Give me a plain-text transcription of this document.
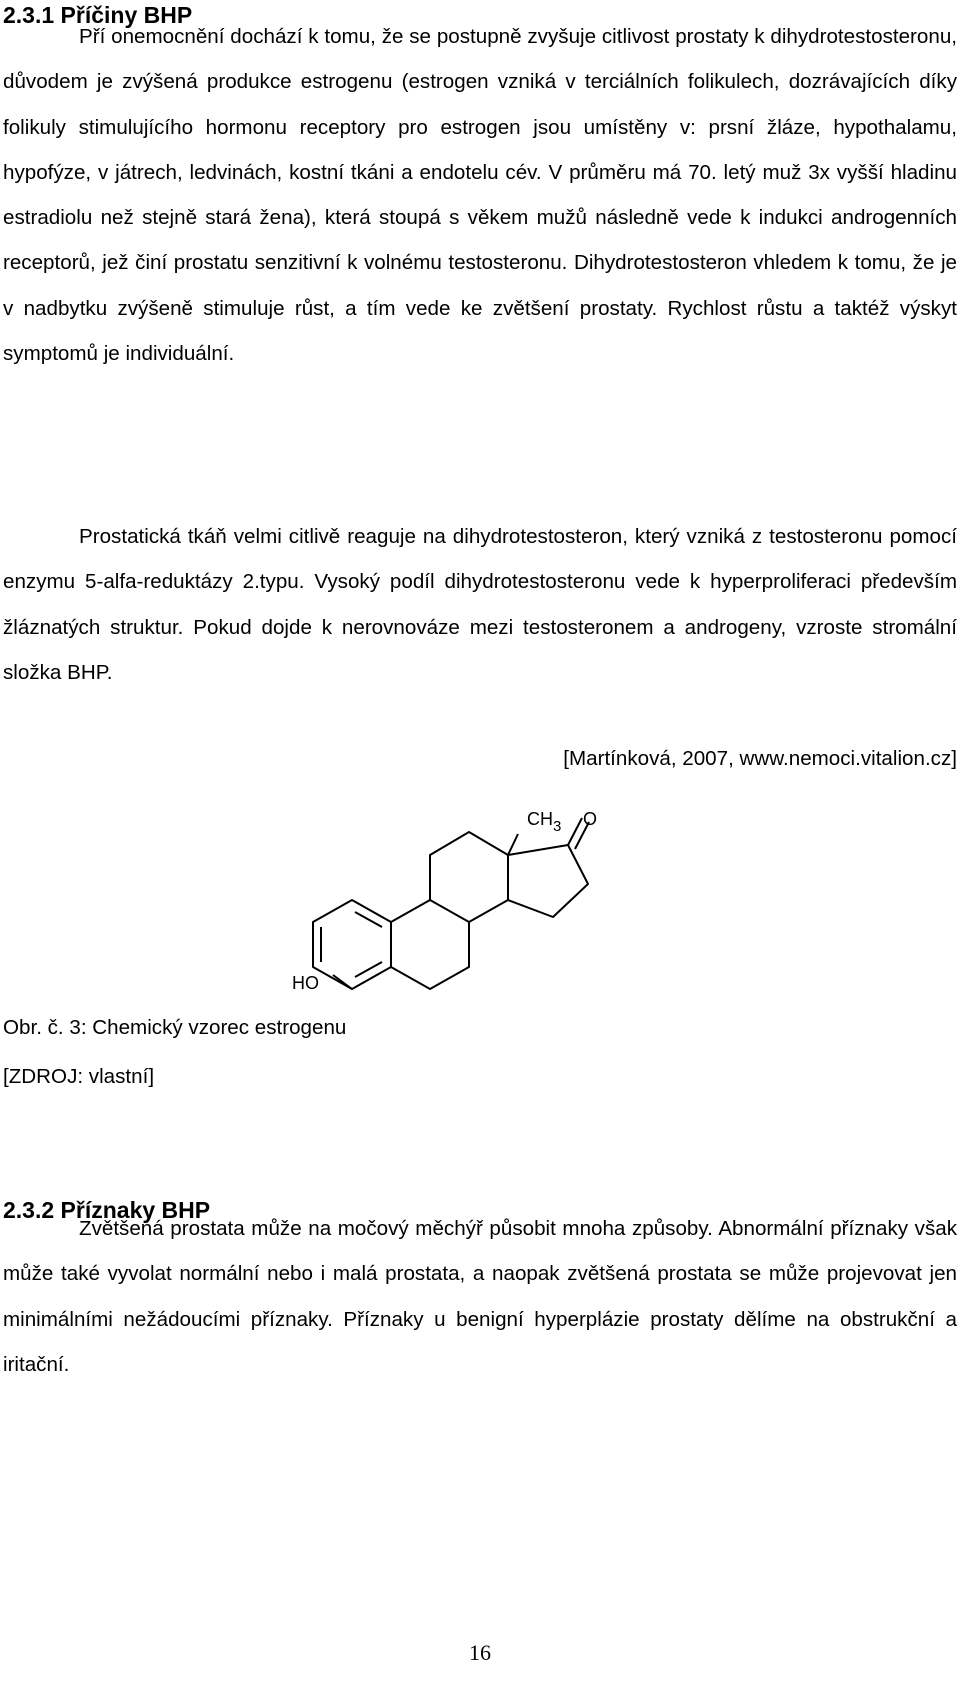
2.3.1 Příčiny BHP

Pří onemocnění dochází k tomu, že se postupně zvyšuje citlivost prostaty k dihydrotestosteronu, důvodem je zvýšená produkce estrogenu (estrogen vzniká v terciálních folikulech, dozrávajících díky folikuly stimulujícího hormonu receptory pro estrogen jsou umístěny v: prsní žláze, hypothalamu, hypofýze, v játrech, ledvinách, kostní tkáni a endotelu cév. V průměru má 70. letý muž 3x vyšší hladinu estradiolu než stejně stará žena), která stoupá s věkem mužů následně vede k indukci androgenních receptorů, jež činí prostatu senzitivní k volnému testosteronu. Dihydrotestosteron vhledem k tomu, že je v nadbytku zvýšeně stimuluje růst, a tím vede ke zvětšení prostaty. Rychlost růstu a taktéž výskyt symptomů je individuální.

Prostatická tkáň velmi citlivě reaguje na dihydrotestosteron, který vzniká z testosteronu pomocí enzymu 5-alfa-reduktázy 2.typu. Vysoký podíl dihydrotestosteronu vede k hyperproliferaci především žláznatých struktur. Pokud dojde k nerovnováze mezi testosteronem a androgeny, vzroste stromální složka BHP.

[Martínková, 2007, www.nemoci.vitalion.cz]

$CH_3$ O
HO

Obr. č. 3: Chemický vzorec estrogenu

[ZDROJ: vlastní]

2.3.2 Příznaky BHP

Zvětšená prostata může na močový měchýř působit mnoha způsoby. Abnormální příznaky však může také vyvolat normální nebo i malá prostata, a naopak zvětšená prostata se může projevovat jen minimálními nežádoucími příznaky. Příznaky u benigní hyperplázie prostaty dělíme na obstrukční a iritační.

16
